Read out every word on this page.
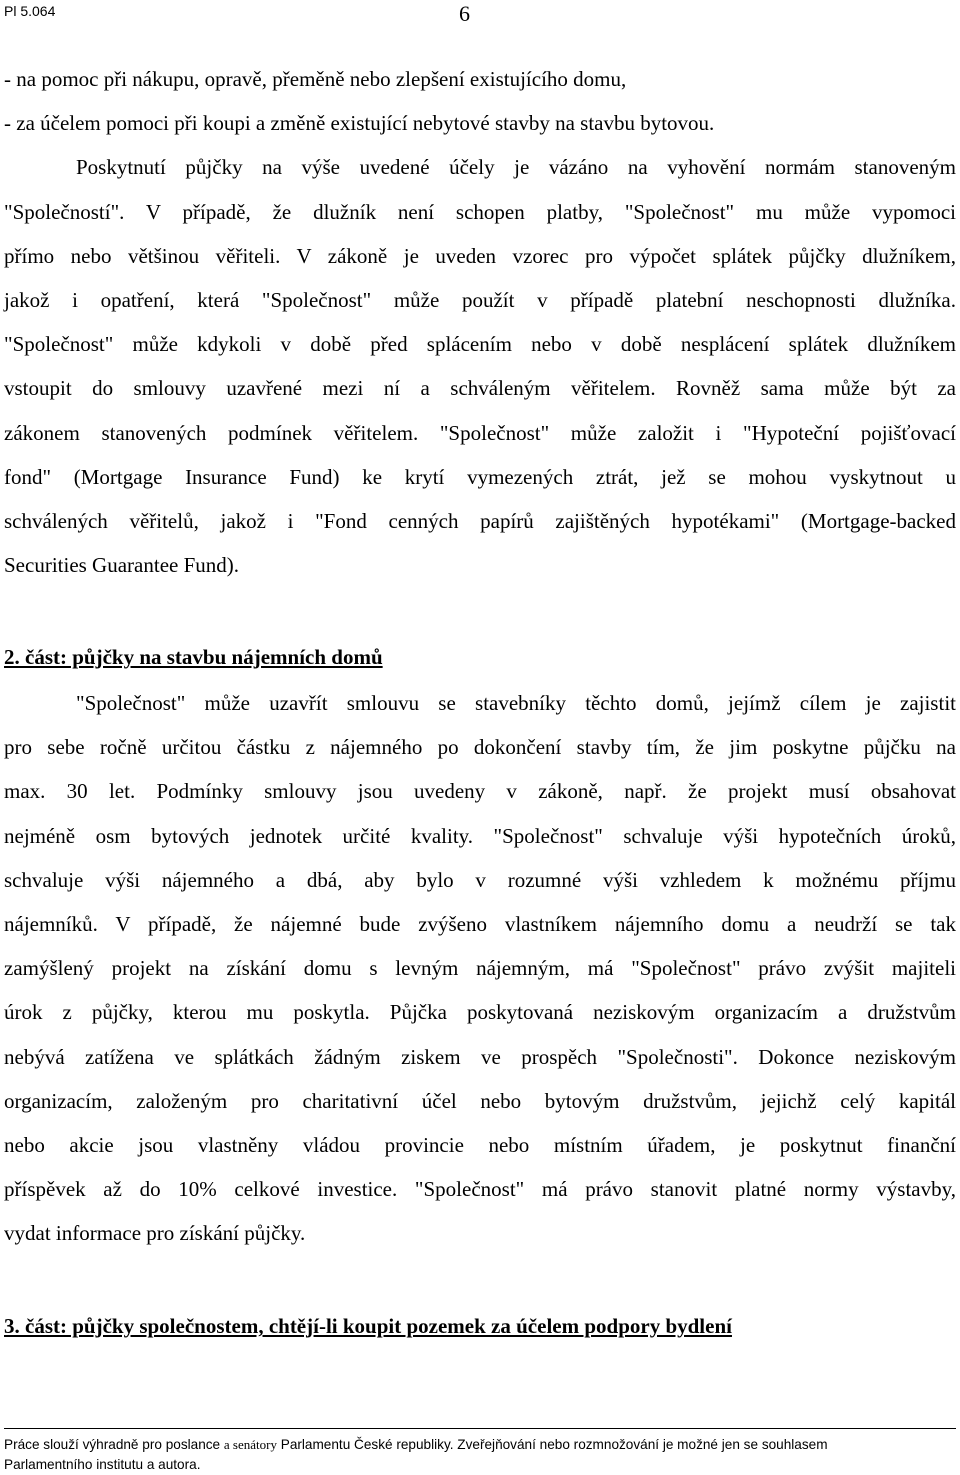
Pl 5.064	6
- na pomoc při nákupu, opravě, přeměně nebo zlepšení existujícího domu,
- za účelem pomoci při koupi a změně existující nebytové stavby na stavbu bytovou.
Poskytnutí půjčky na výše uvedené účely je vázáno na vyhovění normám stanoveným
"Společností". V případě, že dlužník není schopen platby, "Společnost" mu může vypomoci
přímo nebo většinou věřiteli. V zákoně je uveden vzorec pro výpočet splátek půjčky dlužníkem,
jakož i opatření, která "Společnost" může použít v případě platební neschopnosti dlužníka.
"Společnost" může kdykoli v době před splácením nebo v době nesplácení splátek dlužníkem
vstoupit do smlouvy uzavřené mezi ní a schváleným věřitelem. Rovněž sama může být za
zákonem stanovených podmínek věřitelem. "Společnost" může založit i "Hypoteční pojišťovací
fond" (Mortgage Insurance Fund) ke krytí vymezených ztrát, jež se mohou vyskytnout u
schválených věřitelů, jakož i "Fond cenných papírů zajištěných hypotékami" (Mortgage-backed
Securities Guarantee Fund).
2. část: půjčky na stavbu nájemních domů
"Společnost" může uzavřít smlouvu se stavebníky těchto domů, jejímž cílem je zajistit
pro sebe ročně určitou částku z nájemného po dokončení stavby tím, že jim poskytne půjčku na
max. 30 let. Podmínky smlouvy jsou uvedeny v zákoně, např. že projekt musí obsahovat
nejméně osm bytových jednotek určité kvality. "Společnost" schvaluje výši hypotečních úroků,
schvaluje výši nájemného a dbá, aby bylo v rozumné výši vzhledem k možnému příjmu
nájemníků. V případě, že nájemné bude zvýšeno vlastníkem nájemního domu a neudrží se tak
zamýšlený projekt na získání domu s levným nájemným, má "Společnost" právo zvýšit majiteli
úrok z půjčky, kterou mu poskytla. Půjčka poskytovaná neziskovým organizacím a družstvům
nebývá zatížena ve splátkách žádným ziskem ve prospěch "Společnosti". Dokonce neziskovým
organizacím, založeným pro charitativní účel nebo bytovým družstvům, jejichž celý kapitál
nebo akcie jsou vlastněny vládou provincie nebo místním úřadem, je poskytnut finanční
příspěvek až do 10% celkové investice. "Společnost" má právo stanovit platné normy výstavby,
vydat informace pro získání půjčky.
3. část: půjčky společnostem, chtějí-li koupit pozemek za účelem podpory bydlení
Práce slouží výhradně pro poslance a senátory Parlamentu České republiky. Zveřejňování nebo rozmnožování je možné jen se souhlasem
Parlamentního institutu a autora.
